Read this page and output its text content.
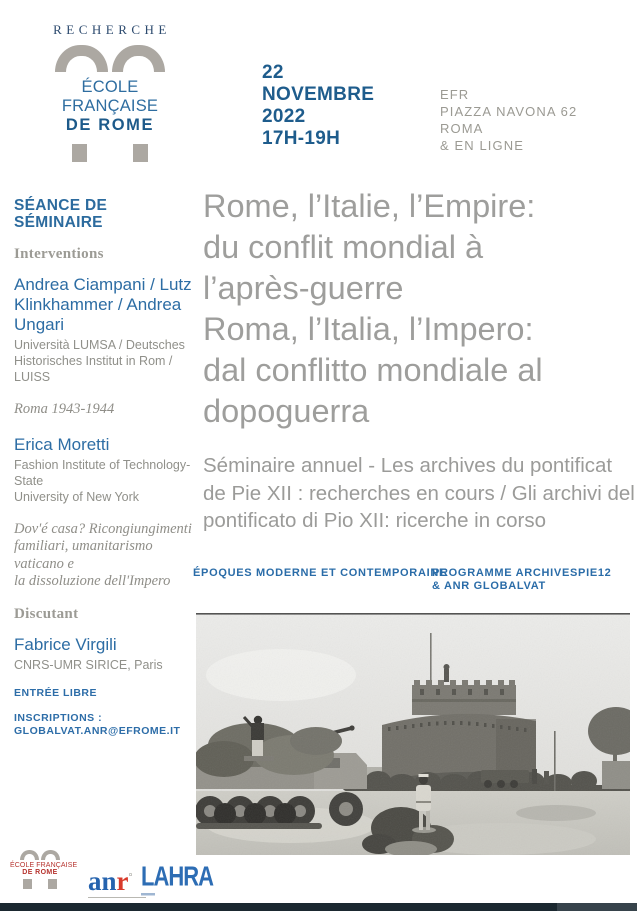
RECHERCHE
ÉCOLE FRANÇAISE
DE ROME
22
NOVEMBRE
2022
17H-19H
EFR
PIAZZA NAVONA 62
ROMA
& EN LIGNE
SÉANCE DE
SÉMINAIRE
Interventions
Andrea Ciampani / Lutz
Klinkhammer / Andrea
Ungari
Università LUMSA / Deutsches
Historisches Institut in Rom / LUISS
Roma 1943-1944
Erica Moretti
Fashion Institute of Technology-State
University of New York
Dov'é casa? Ricongiungimenti
familiari, umanitarismo vaticano e
la dissoluzione dell'Impero
Discutant
Fabrice Virgili
CNRS-UMR SIRICE, Paris
ENTRÉE LIBRE
INSCRIPTIONS :
GLOBALVAT.ANR@EFROME.IT
Rome, l’Italie, l’Empire:
du conflit mondial à
l’après-guerre
Roma, l’Italia, l’Impero:
dal conflitto mondiale al
dopoguerra
Séminaire annuel - Les archives du pontificat
de Pie XII : recherches en cours / Gli archivi del
pontificato di Pio XII: ricerche in corso
ÉPOQUES MODERNE ET CONTEMPORAINE
PROGRAMME ARCHIVESPIE12
& ANR GLOBALVAT
ÉCOLE FRANÇAISE
DE ROME	anr° LAHRA
